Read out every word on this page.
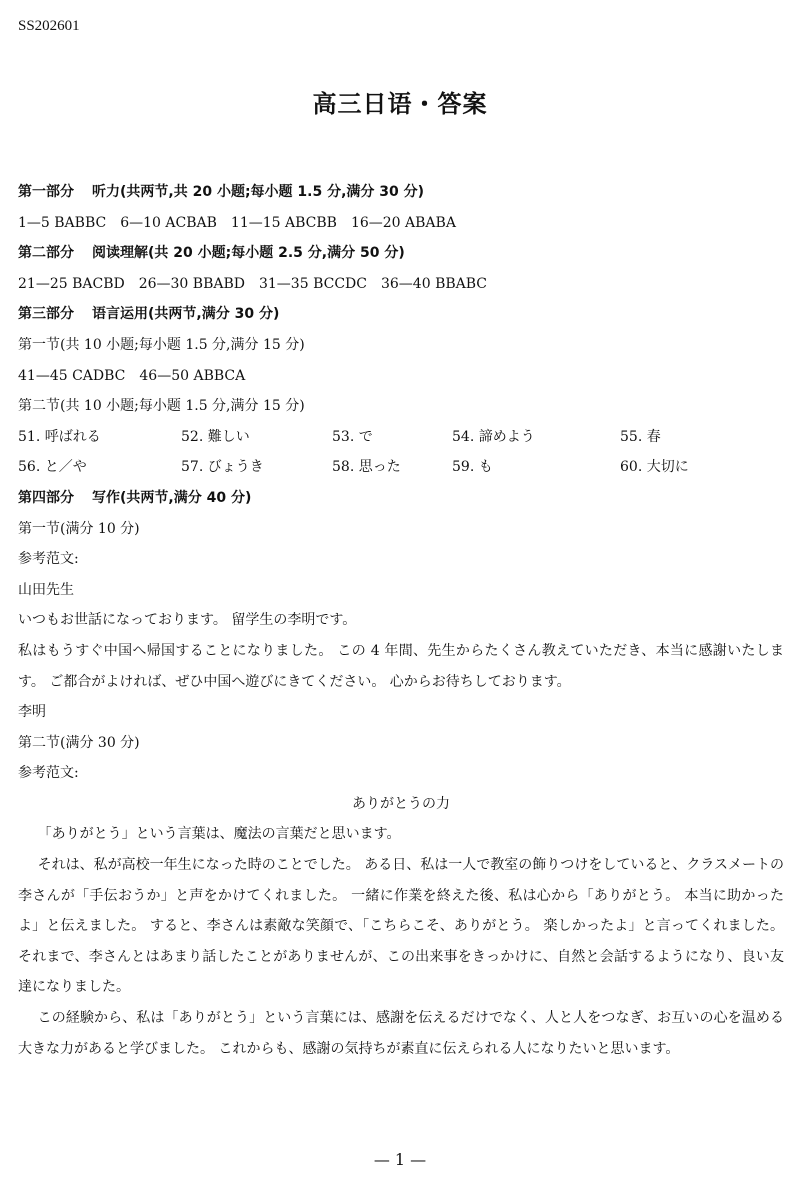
SS202601
高三日语・答案
第一部分 听力(共两节,共 20 小题;每小题 1.5 分,满分 30 分)
1—5 BABBC 6—10 ACBAB 11—15 ABCBB 16—20 ABABA
第二部分 阅读理解(共 20 小题;每小题 2.5 分,满分 50 分)
21—25 BACBD 26—30 BBABD 31—35 BCCDC 36—40 BBABC
第三部分 语言运用(共两节,满分 30 分)
第一节(共 10 小题;每小题 1.5 分,满分 15 分)
41—45 CADBC 46—50 ABBCA
第二节(共 10 小题;每小题 1.5 分,满分 15 分)
51. 呼ばれる	52. 難しい	53. で	54. 諦めよう	55. 春
56. と／や	57. びょうき	58. 思った	59. も	60. 大切に
第四部分 写作(共两节,满分 40 分)
第一节(满分 10 分)
参考范文:
山田先生
いつもお世話になっております。 留学生の李明です。
私はもうすぐ中国へ帰国することになりました。 この 4 年間、先生からたくさん教えていただき、本当に感謝いたします。 ご都合がよければ、ぜひ中国へ遊びにきてください。 心からお待ちしております。
李明
第二节(满分 30 分)
参考范文:
ありがとうの力
「ありがとう」という言葉は、魔法の言葉だと思います。
それは、私が高校一年生になった時のことでした。 ある日、私は一人で教室の飾りつけをしていると、クラスメートの李さんが「手伝おうか」と声をかけてくれました。 一緒に作業を終えた後、私は心から「ありがとう。 本当に助かったよ」と伝えました。 すると、李さんは素敵な笑顔で、「こちらこそ、ありがとう。 楽しかったよ」と言ってくれました。 それまで、李さんとはあまり話したことがありませんが、この出来事をきっかけに、自然と会話するようになり、良い友達になりました。
この経験から、私は「ありがとう」という言葉には、感謝を伝えるだけでなく、人と人をつなぎ、お互いの心を温める大きな力があると学びました。 これからも、感謝の気持ちが素直に伝えられる人になりたいと思います。
— 1 —
